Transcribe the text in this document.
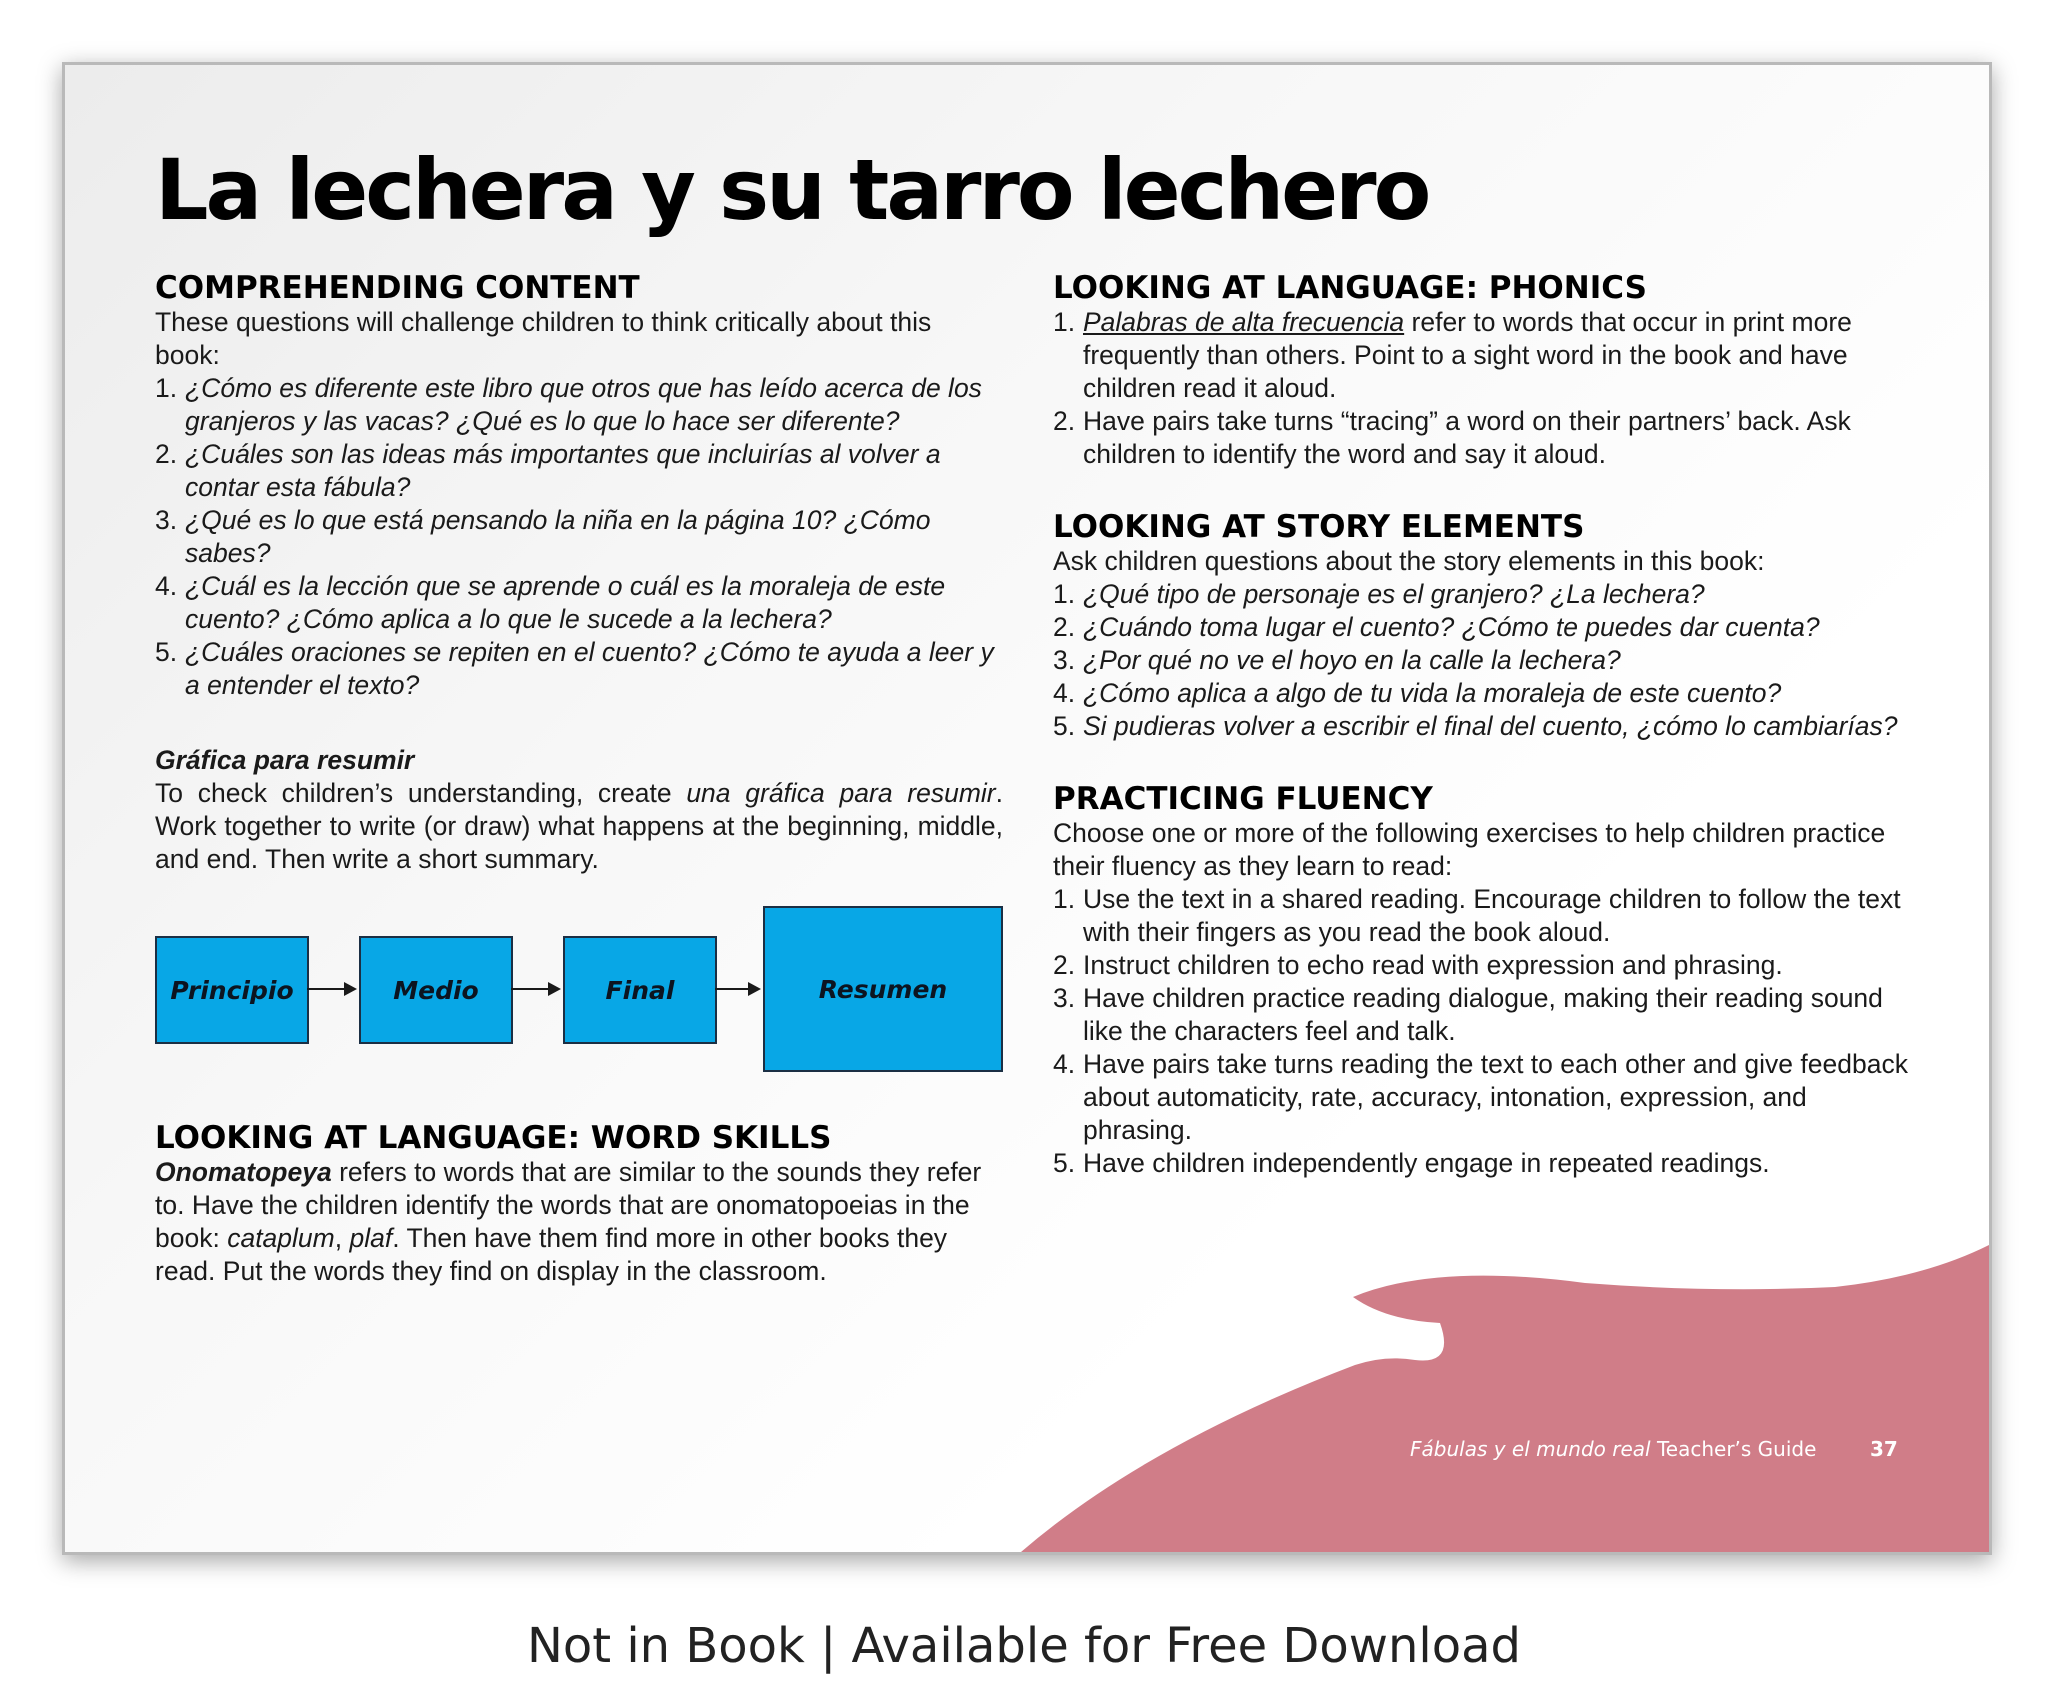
La lechera y su tarro lechero
COMPREHENDING CONTENT

These questions will challenge children to think critically about this book:

1. ¿Cómo es diferente este libro que otros que has leído acerca de los granjeros y las vacas? ¿Qué es lo que lo hace ser diferente?
2. ¿Cuáles son las ideas más importantes que incluirías al volver a contar esta fábula?
3. ¿Qué es lo que está pensando la niña en la página 10? ¿Cómo sabes?
4. ¿Cuál es la lección que se aprende o cuál es la moraleja de este cuento? ¿Cómo aplica a lo que le sucede a la lechera?
5. ¿Cuáles oraciones se repiten en el cuento? ¿Cómo te ayuda a leer y a entender el texto?

Gráfica para resumir

To check children’s understanding, create una gráfica para resumir. Work together to write (or draw) what happens at the beginning, middle, and end. Then write a short summary.

Principio	Medio	Final	Resumen
LOOKING AT LANGUAGE: WORD SKILLS

Onomatopeya refers to words that are similar to the sounds they refer to. Have the children identify the words that are onomatopoeias in the book: cataplum, plaf. Then have them find more in other books they read. Put the words they find on display in the classroom.

LOOKING AT LANGUAGE: PHONICS
1. Palabras de alta frecuencia refer to words that occur in print more frequently than others. Point to a sight word in the book and have children read it aloud.
2. Have pairs take turns “tracing” a word on their partners’ back. Ask children to identify the word and say it aloud.
LOOKING AT STORY ELEMENTS

Ask children questions about the story elements in this book:

1. ¿Qué tipo de personaje es el granjero? ¿La lechera?
2. ¿Cuándo toma lugar el cuento? ¿Cómo te puedes dar cuenta?
3. ¿Por qué no ve el hoyo en la calle la lechera?
4. ¿Cómo aplica a algo de tu vida la moraleja de este cuento?
5. Si pudieras volver a escribir el final del cuento, ¿cómo lo cambiarías?
PRACTICING FLUENCY

Choose one or more of the following exercises to help children practice their fluency as they learn to read:

1. Use the text in a shared reading. Encourage children to follow the text with their fingers as you read the book aloud.
2. Instruct children to echo read with expression and phrasing.
3. Have children practice reading dialogue, making their reading sound like the characters feel and talk.
4. Have pairs take turns reading the text to each other and give feedback about automaticity, rate, accuracy, intonation, expression, and phrasing.
5. Have children independently engage in repeated readings.
Fábulas y el mundo real Teacher’s Guide	37
Not in Book | Available for Free Download
